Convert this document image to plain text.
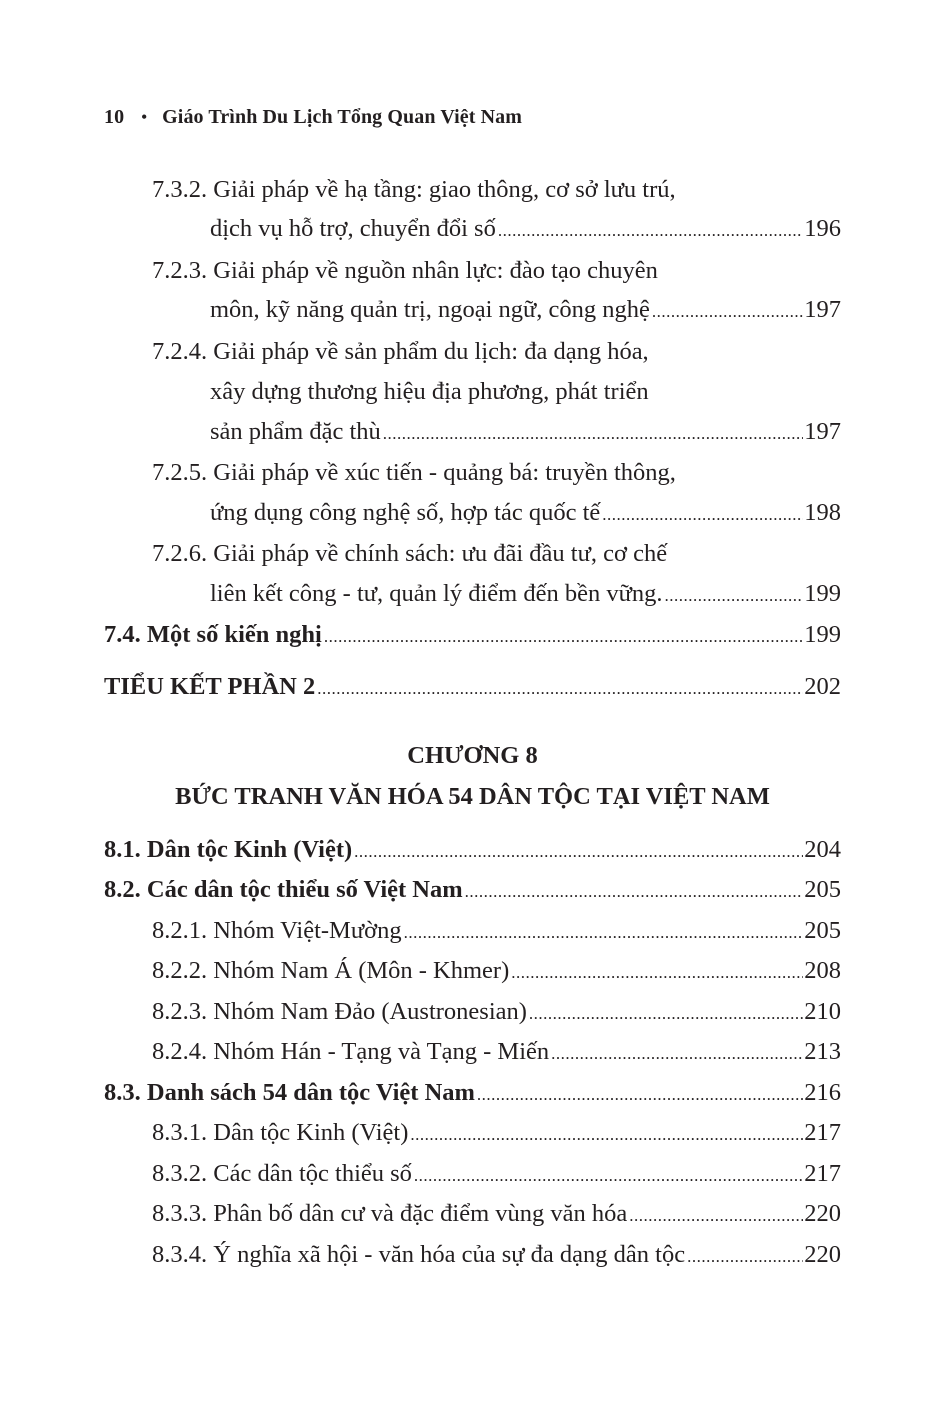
10 • Giáo Trình Du Lịch Tổng Quan Việt Nam
7.3.2. Giải pháp về hạ tầng: giao thông, cơ sở lưu trú,
dịch vụ hỗ trợ, chuyển đổi số .....	196
7.2.3. Giải pháp về nguồn nhân lực: đào tạo chuyên
môn, kỹ năng quản trị, ngoại ngữ, công nghệ .....	197
7.2.4. Giải pháp về sản phẩm du lịch: đa dạng hóa,
xây dựng thương hiệu địa phương, phát triển
sản phẩm đặc thù .....	197
7.2.5. Giải pháp về xúc tiến - quảng bá: truyền thông,
ứng dụng công nghệ số, hợp tác quốc tế .....	198
7.2.6. Giải pháp về chính sách: ưu đãi đầu tư, cơ chế
liên kết công - tư, quản lý điểm đến bền vững. .....	199
7.4. Một số kiến nghị .....	199
TIỂU KẾT PHẦN 2 .....	202
CHƯƠNG 8
BỨC TRANH VĂN HÓA 54 DÂN TỘC TẠI VIỆT NAM
8.1. Dân tộc Kinh (Việt) .....	204
8.2. Các dân tộc thiểu số Việt Nam .....	205
8.2.1. Nhóm Việt-Mường .....	205
8.2.2. Nhóm Nam Á (Môn - Khmer) .....	208
8.2.3. Nhóm Nam Đảo (Austronesian) .....	210
8.2.4. Nhóm Hán - Tạng và Tạng - Miến .....	213
8.3. Danh sách 54 dân tộc Việt Nam .....	216
8.3.1. Dân tộc Kinh (Việt) .....	217
8.3.2. Các dân tộc thiểu số .....	217
8.3.3. Phân bố dân cư và đặc điểm vùng văn hóa .....	220
8.3.4. Ý nghĩa xã hội - văn hóa của sự đa dạng dân tộc .....	220
